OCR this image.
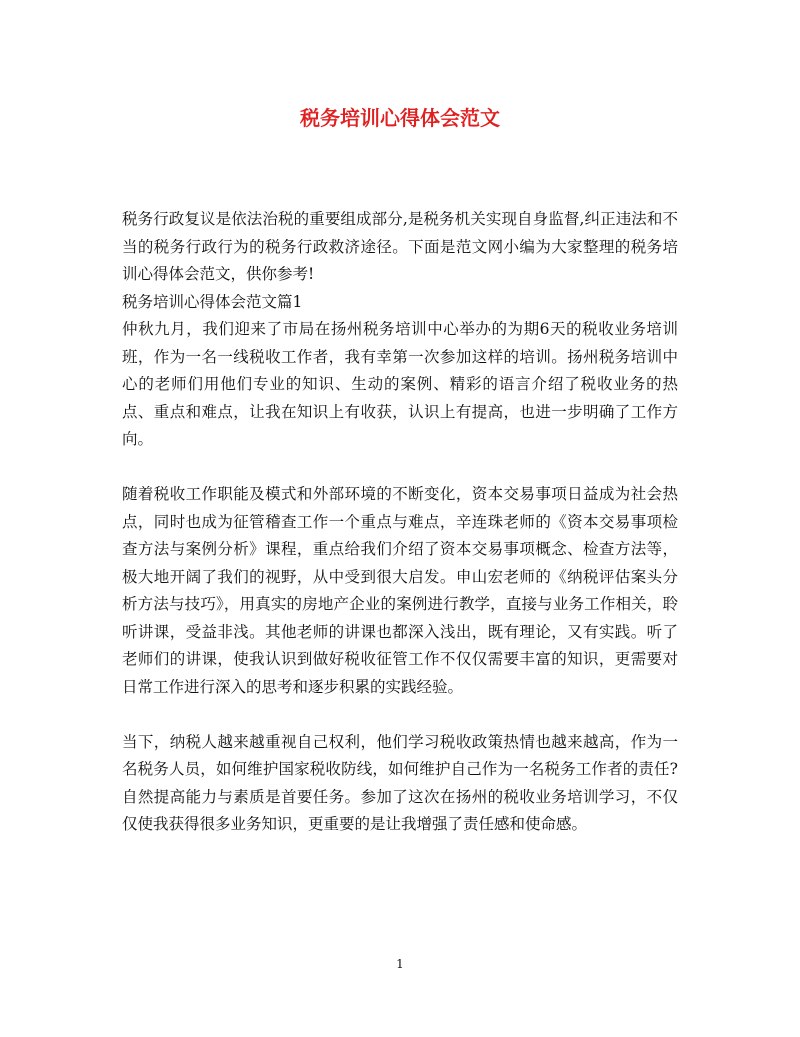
税务培训心得体会范文

税务行政复议是依法治税的重要组成部分,是税务机关实现自身监督,纠正违法和不当的税务行政行为的税务行政救济途径。下面是范文网小编为大家整理的税务培训心得体会范文，供你参考!

税务培训心得体会范文篇1

仲秋九月，我们迎来了市局在扬州税务培训中心举办的为期6天的税收业务培训班，作为一名一线税收工作者，我有幸第一次参加这样的培训。扬州税务培训中心的老师们用他们专业的知识、生动的案例、精彩的语言介绍了税收业务的热点、重点和难点，让我在知识上有收获，认识上有提高，也进一步明确了工作方向。

随着税收工作职能及模式和外部环境的不断变化，资本交易事项日益成为社会热点，同时也成为征管稽查工作一个重点与难点，辛连珠老师的《资本交易事项检查方法与案例分析》课程，重点给我们介绍了资本交易事项概念、检查方法等，极大地开阔了我们的视野，从中受到很大启发。申山宏老师的《纳税评估案头分析方法与技巧》，用真实的房地产企业的案例进行教学，直接与业务工作相关，聆听讲课，受益非浅。其他老师的讲课也都深入浅出，既有理论，又有实践。听了老师们的讲课，使我认识到做好税收征管工作不仅仅需要丰富的知识，更需要对日常工作进行深入的思考和逐步积累的实践经验。

当下，纳税人越来越重视自己权利，他们学习税收政策热情也越来越高，作为一名税务人员，如何维护国家税收防线，如何维护自己作为一名税务工作者的责任?自然提高能力与素质是首要任务。参加了这次在扬州的税收业务培训学习，不仅仅使我获得很多业务知识，更重要的是让我增强了责任感和使命感。

1
